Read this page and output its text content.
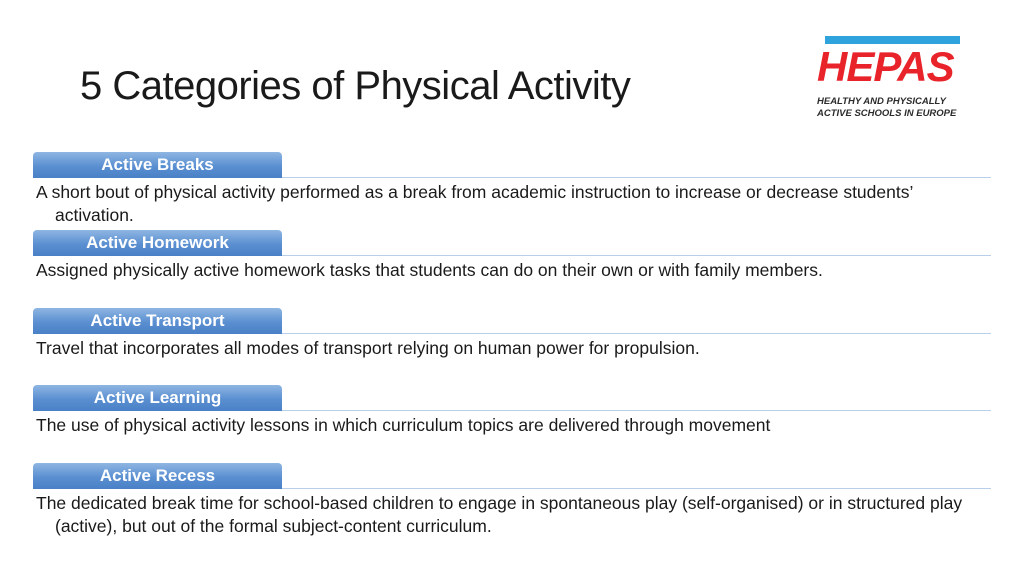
5 Categories of Physical Activity	HEPAS
HEALTHY AND PHYSICALLY
ACTIVE SCHOOLS IN EUROPE
Active Breaks
A short bout of physical activity performed as a break from academic instruction to increase or decrease students’ activation.
Active Homework
Assigned physically active homework tasks that students can do on their own or with family members.
Active Transport
Travel that incorporates all modes of transport relying on human power for propulsion.
Active Learning
The use of physical activity lessons in which curriculum topics are delivered through movement
Active Recess
The dedicated break time for school-based children to engage in spontaneous play (self-organised) or in structured play (active), but out of the formal subject-content curriculum.
